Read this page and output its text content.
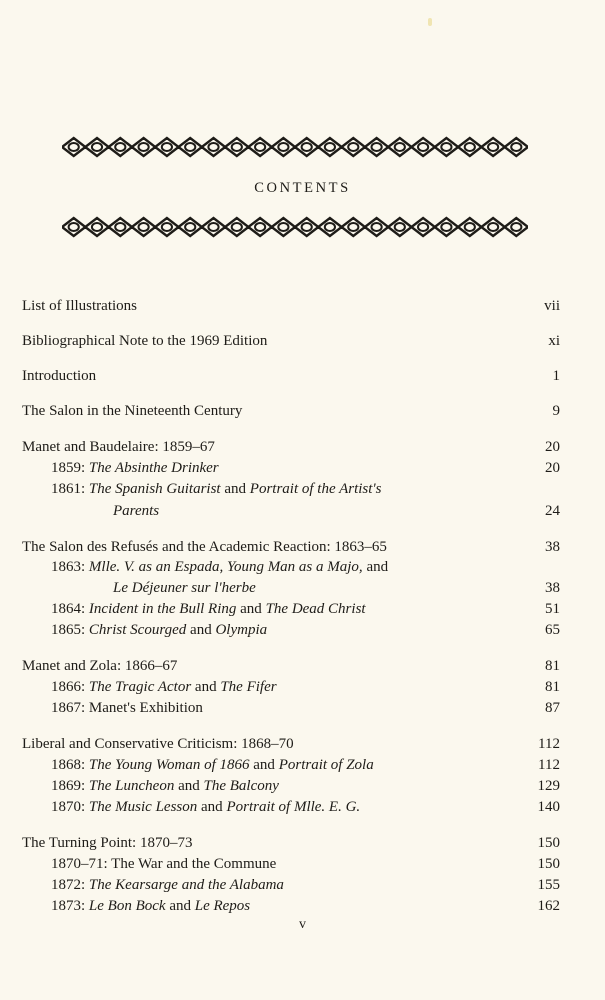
CONTENTS
List of Illustrations	vii
Bibliographical Note to the 1969 Edition	xi
Introduction	1
The Salon in the Nineteenth Century	9
Manet and Baudelaire: 1859–67	20
1859: The Absinthe Drinker	20
1861: The Spanish Guitarist and Portrait of the Artist's
Parents	24
The Salon des Refusés and the Academic Reaction: 1863–65	38
1863: Mlle. V. as an Espada, Young Man as a Majo, and
Le Déjeuner sur l'herbe	38
1864: Incident in the Bull Ring and The Dead Christ	51
1865: Christ Scourged and Olympia	65
Manet and Zola: 1866–67	81
1866: The Tragic Actor and The Fifer	81
1867: Manet's Exhibition	87
Liberal and Conservative Criticism: 1868–70	112
1868: The Young Woman of 1866 and Portrait of Zola	112
1869: The Luncheon and The Balcony	129
1870: The Music Lesson and Portrait of Mlle. E. G.	140
The Turning Point: 1870–73	150
1870–71: The War and the Commune	150
1872: The Kearsarge and the Alabama	155
1873: Le Bon Bock and Le Repos	162
v
